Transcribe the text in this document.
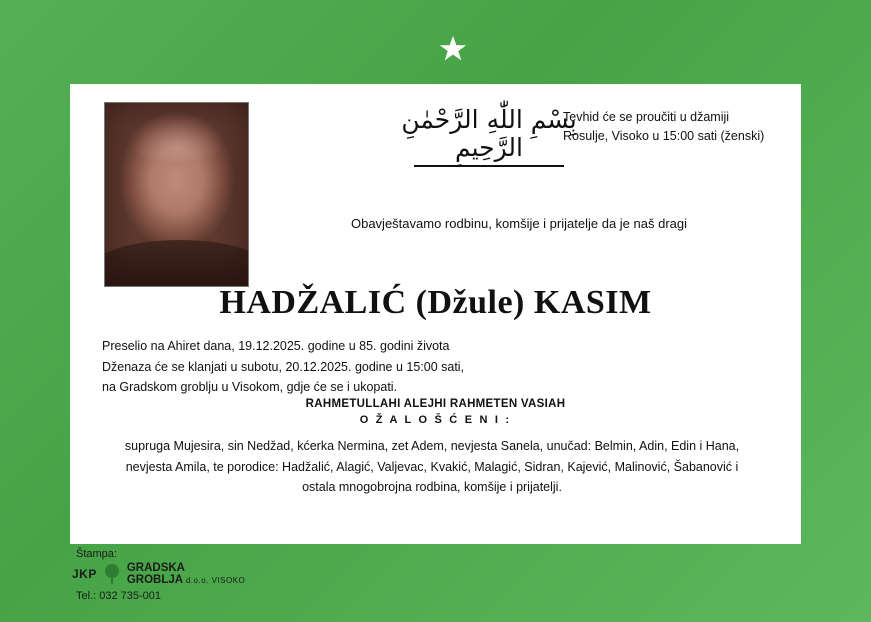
بِسْمِ اللّٰهِ الرَّحْمٰنِ الرَّحِيمِ
Tevhid će se proučiti u džamiji Rosulje, Visoko u 15:00 sati (ženski)
Obavještavamo rodbinu, komšije i prijatelje da je naš dragi
HADŽALIĆ (Džule) KASIM
Preselio na Ahiret dana, 19.12.2025. godine u 85. godini života
Dženaza će se klanjati u subotu, 20.12.2025. godine u 15:00 sati,
na Gradskom groblju u Visokom, gdje će se i ukopati.
RAHMETULLAHI ALEJHI RAHMETEN VASIAH
O Ž A L O Š Ć E N I :
supruga Mujesira, sin Nedžad, kćerka Nermina, zet Adem, nevjesta Sanela, unučad: Belmin, Adin, Edin i Hana,
nevjesta Amila, te porodice: Hadžalić, Alagić, Valjevac, Kvakić, Malagić, Sidran, Kajević, Malinović, Šabanović i
ostala mnogobrojna rodbina, komšije i prijatelji.
Štampa:
JKP	GRADSKA
GROBLJA d.o.o. VISOKO
Tel.: 032 735-001
